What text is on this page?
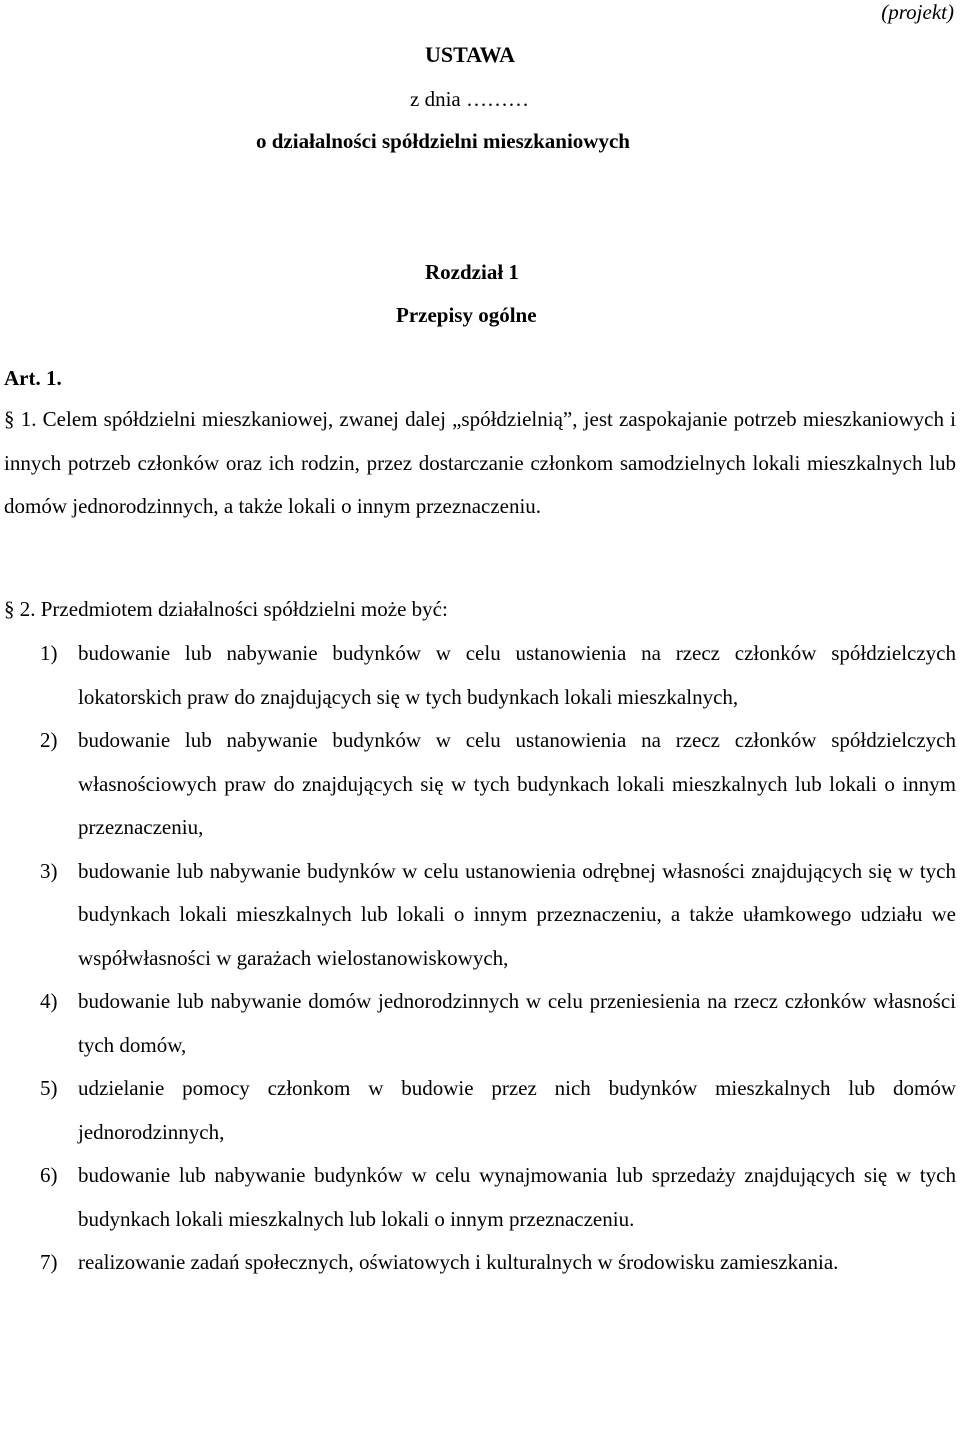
(projekt)
USTAWA
z dnia ………
o działalności spółdzielni mieszkaniowych
Rozdział 1
Przepisy ogólne
Art. 1.
§ 1. Celem spółdzielni mieszkaniowej, zwanej dalej „spółdzielnią”, jest zaspokajanie potrzeb mieszkaniowych i innych potrzeb członków oraz ich rodzin, przez dostarczanie członkom samodzielnych lokali mieszkalnych lub domów jednorodzinnych, a także lokali o innym przeznaczeniu.
§ 2. Przedmiotem działalności spółdzielni może być:
1) budowanie lub nabywanie budynków w celu ustanowienia na rzecz członków spółdzielczych lokatorskich praw do znajdujących się w tych budynkach lokali mieszkalnych,
2) budowanie lub nabywanie budynków w celu ustanowienia na rzecz członków spółdzielczych własnościowych praw do znajdujących się w tych budynkach lokali mieszkalnych lub lokali o innym przeznaczeniu,
3) budowanie lub nabywanie budynków w celu ustanowienia odrębnej własności znajdujących się w tych budynkach lokali mieszkalnych lub lokali o innym przeznaczeniu, a także ułamkowego udziału we współwłasności w garażach wielostanowiskowych,
4) budowanie lub nabywanie domów jednorodzinnych w celu przeniesienia na rzecz członków własności tych domów,
5) udzielanie pomocy członkom w budowie przez nich budynków mieszkalnych lub domów jednorodzinnych,
6) budowanie lub nabywanie budynków w celu wynajmowania lub sprzedaży znajdujących się w tych budynkach lokali mieszkalnych lub lokali o innym przeznaczeniu.
7) realizowanie zadań społecznych, oświatowych i kulturalnych w środowisku zamieszkania.
